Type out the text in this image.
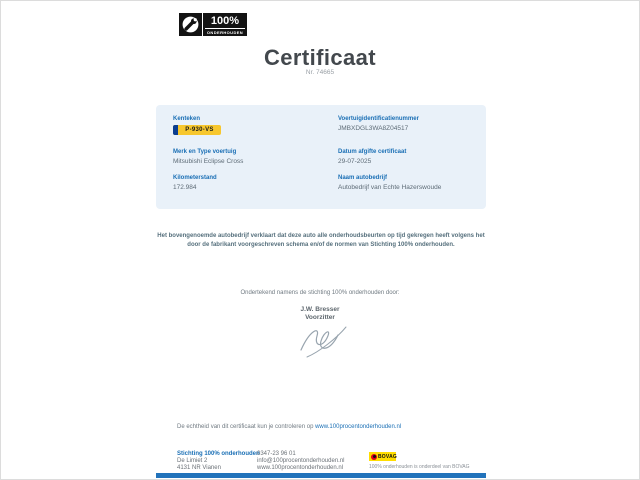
100%
ONDERHOUDEN
Certificaat
Nr. 74665
Kenteken
P-930-VS
Merk en Type voertuig
Mitsubishi Eclipse Cross
Kilometerstand
172.984
Voertuigidentificatienummer
JMBXDGL3WA8Z04517
Datum afgifte certificaat
29-07-2025
Naam autobedrijf
Autobedrijf van Echte Hazerswoude
Het bovengenoemde autobedrijf verklaart dat deze auto alle onderhoudsbeurten op tijd gekregen heeft volgens het door de fabrikant voorgeschreven schema en/of de normen van Stichting 100% onderhouden.
Ondertekend namens de stichting 100% onderhouden door:
J.W. Bresser
Voorzitter
De echtheid van dit certificaat kun je controleren op www.100procentonderhouden.nl
Stichting 100% onderhouden
De Limiet 2
4131 NR Vianen
0347-23 96 01
info@100procentonderhouden.nl
www.100procentonderhouden.nl
BOVAG
100% onderhouden is onderdeel van BOVAG
